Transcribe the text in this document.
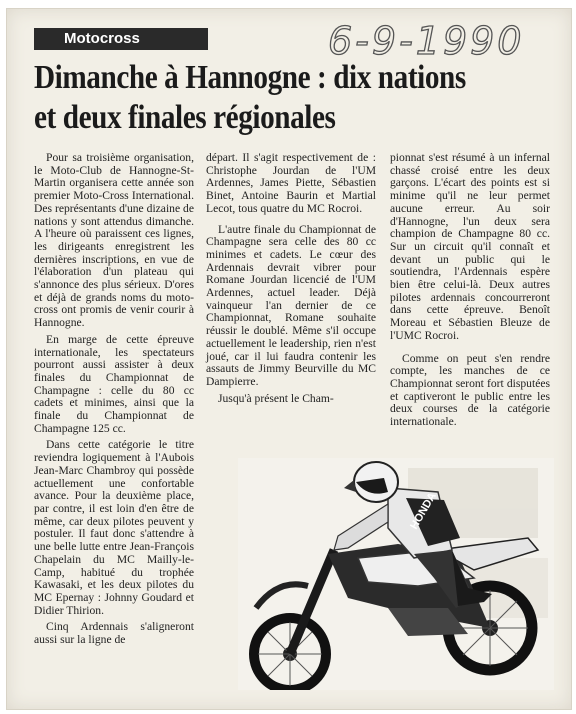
Motocross	6-9-1990
Dimanche à Hannogne : dix nations
et deux finales régionales

Pour sa troisième organisation, le Moto-Club de Hannogne-St-Martin organisera cette année son premier Moto-Cross International. Des représentants d'une dizaine de nations y sont attendus dimanche. A l'heure où paraissent ces lignes, les dirigeants enregistrent les dernières inscriptions, en vue de l'élaboration d'un plateau qui s'annonce des plus sérieux. D'ores et déjà de grands noms du moto-cross ont promis de venir courir à Hannogne.

En marge de cette épreuve internationale, les spectateurs pourront aussi assister à deux finales du Championnat de Champagne : celle du 80 cc cadets et minimes, ainsi que la finale du Championnat de Champagne 125 cc.

Dans cette catégorie le titre reviendra logiquement à l'Aubois Jean-Marc Chambroy qui possède actuellement une confortable avance. Pour la deuxième place, par contre, il est loin d'en être de même, car deux pilotes peuvent y postuler. Il faut donc s'attendre à une belle lutte entre Jean-François Chapelain du MC Mailly-le-Camp, habitué du trophée Kawasaki, et les deux pilotes du MC Epernay : Johnny Goudard et Didier Thirion.

Cinq Ardennais s'aligneront aussi sur la ligne de

départ. Il s'agit respectivement de : Christophe Jourdan de l'UM Ardennes, James Piette, Sébastien Binet, Antoine Baurin et Martial Lecot, tous quatre du MC Rocroi.

L'autre finale du Championnat de Champagne sera celle des 80 cc minimes et cadets. Le cœur des Ardennais devrait vibrer pour Romane Jourdan licencié de l'UM Ardennes, actuel leader. Déjà vainqueur l'an dernier de ce Championnat, Romane souhaite réussir le doublé. Même s'il occupe actuellement le leadership, rien n'est joué, car il lui faudra contenir les assauts de Jimmy Beurville du MC Dampierre.

Jusqu'à présent le Cham-

pionnat s'est résumé à un infernal chassé croisé entre les deux garçons. L'écart des points est si minime qu'il ne leur permet aucune erreur. Au soir d'Hannogne, l'un deux sera champion de Champagne 80 cc. Sur un circuit qu'il connaît et devant un public qui le soutiendra, l'Ardennais espère bien être celui-là. Deux autres pilotes ardennais concourreront dans cette épreuve. Benoît Moreau et Sébastien Bleuze de l'UMC Rocroi.

Comme on peut s'en rendre compte, les manches de ce Championnat seront fort disputées et captiveront le public entre les deux courses de la catégorie internationale.

HONDA
